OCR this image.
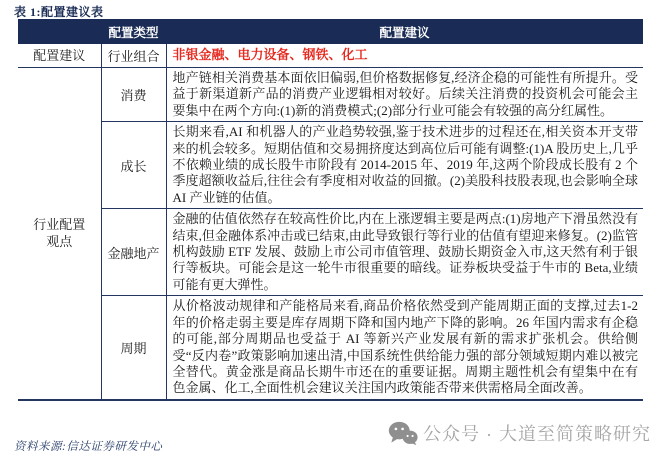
表 1:配置建议表
	配置类型	配置建议
配置建议	行业组合	非银金融、电力设备、钢铁、化工
行业配置观点	消费	地产链相关消费基本面依旧偏弱,但价格数据修复,经济企稳的可能性有所提升。受益于新渠道新产品的消费产业逻辑相对较好。后续关注消费的投资机会可能会主要集中在两个方向:(1)新的消费模式;(2)部分行业可能会有较强的高分红属性。
	成长	长期来看,AI 和机器人的产业趋势较强,鉴于技术进步的过程还在,相关资本开支带来的机会较多。短期估值和交易拥挤度达到高位后可能有调整:(1)A 股历史上,几乎不依赖业绩的成长股牛市阶段有 2014-2015 年、2019 年,这两个阶段成长股有 2 个季度超额收益后,往往会有季度相对收益的回撤。(2)美股科技股表现,也会影响全球 AI 产业链的估值。
	金融地产	金融的估值依然存在较高性价比,内在上涨逻辑主要是两点:(1)房地产下滑虽然没有结束,但金融体系冲击或已结束,由此导致银行等行业的估值有望迎来修复。(2)监管机构鼓励 ETF 发展、鼓励上市公司市值管理、鼓励长期资金入市,这天然有利于银行等板块。可能会是这一轮牛市很重要的暗线。证券板块受益于牛市的 Beta,业绩可能有更大弹性。
	周期	从价格波动规律和产能格局来看,商品价格依然受到产能周期正面的支撑,过去1-2 年的价格走弱主要是库存周期下降和国内地产下降的影响。26 年国内需求有企稳的可能,部分周期品也受益于 AI 等新兴产业发展有新的需求扩张机会。供给侧受“反内卷”政策影响加速出清,中国系统性供给能力强的部分领域短期内难以被完全替代。黄金涨是商品长期牛市还在的重要证据。周期主题性机会有望集中在有色金属、化工,全面性机会建议关注国内政策能否带来供需格局全面改善。
资料来源:信达证券研发中心
公众号 · 大道至简策略研究
